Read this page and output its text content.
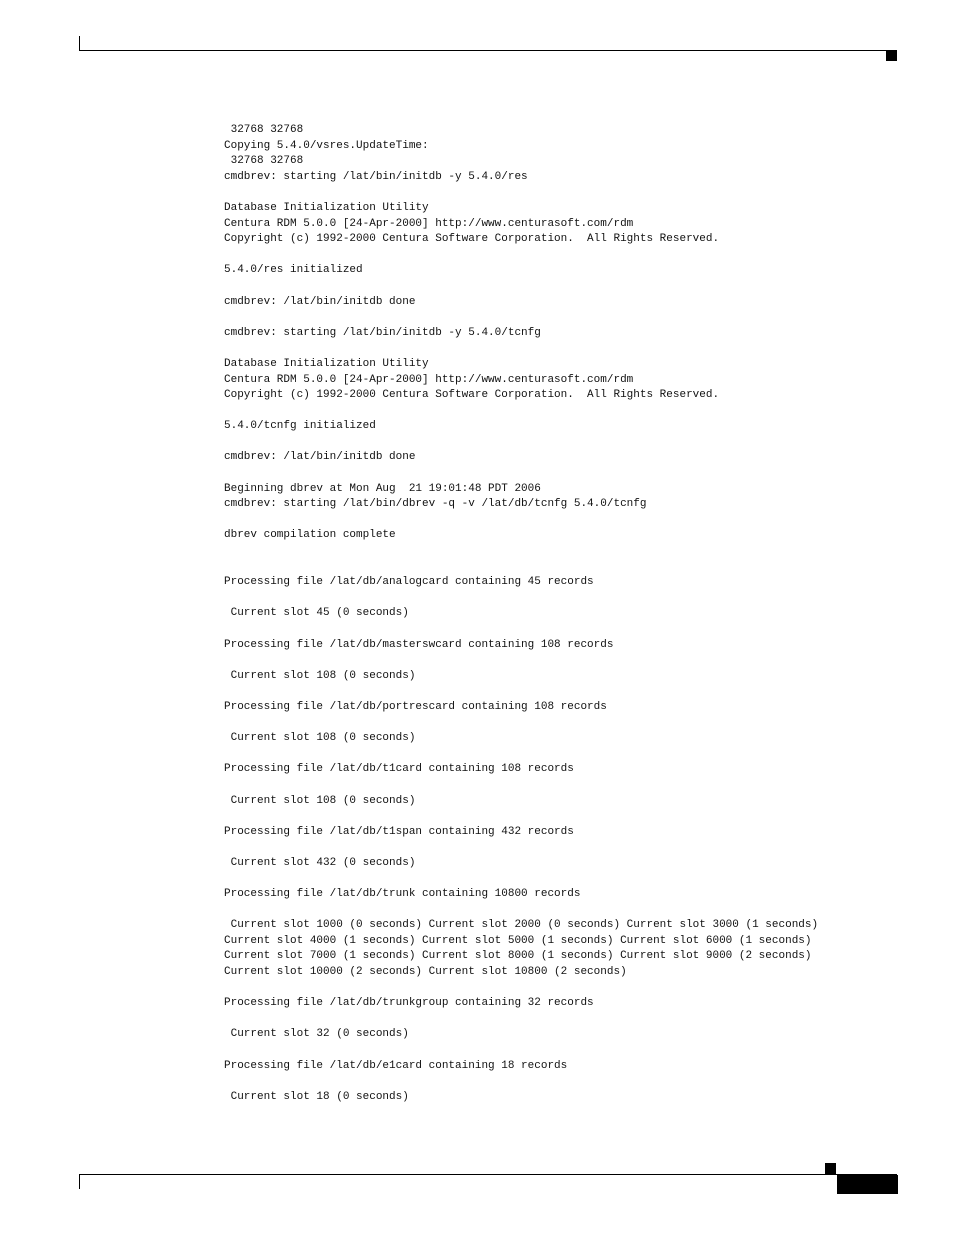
32768 32768
Copying 5.4.0/vsres.UpdateTime:
32768 32768
cmdbrev: starting /lat/bin/initdb -y 5.4.0/res
Database Initialization Utility
Centura RDM 5.0.0 [24-Apr-2000] http://www.centurasoft.com/rdm
Copyright (c) 1992-2000 Centura Software Corporation.  All Rights Reserved.
5.4.0/res initialized
cmdbrev: /lat/bin/initdb done
cmdbrev: starting /lat/bin/initdb -y 5.4.0/tcnfg
Database Initialization Utility
Centura RDM 5.0.0 [24-Apr-2000] http://www.centurasoft.com/rdm
Copyright (c) 1992-2000 Centura Software Corporation.  All Rights Reserved.
5.4.0/tcnfg initialized
cmdbrev: /lat/bin/initdb done
Beginning dbrev at Mon Aug  21 19:01:48 PDT 2006
cmdbrev: starting /lat/bin/dbrev -q -v /lat/db/tcnfg 5.4.0/tcnfg
dbrev compilation complete
Processing file /lat/db/analogcard containing 45 records
Current slot 45 (0 seconds)
Processing file /lat/db/masterswcard containing 108 records
Current slot 108 (0 seconds)
Processing file /lat/db/portrescard containing 108 records
Current slot 108 (0 seconds)
Processing file /lat/db/t1card containing 108 records
Current slot 108 (0 seconds)
Processing file /lat/db/t1span containing 432 records
Current slot 432 (0 seconds)
Processing file /lat/db/trunk containing 10800 records
Current slot 1000 (0 seconds) Current slot 2000 (0 seconds) Current slot 3000 (1 seconds)
Current slot 4000 (1 seconds) Current slot 5000 (1 seconds) Current slot 6000 (1 seconds)
Current slot 7000 (1 seconds) Current slot 8000 (1 seconds) Current slot 9000 (2 seconds)
Current slot 10000 (2 seconds) Current slot 10800 (2 seconds)
Processing file /lat/db/trunkgroup containing 32 records
Current slot 32 (0 seconds)
Processing file /lat/db/e1card containing 18 records
Current slot 18 (0 seconds)
